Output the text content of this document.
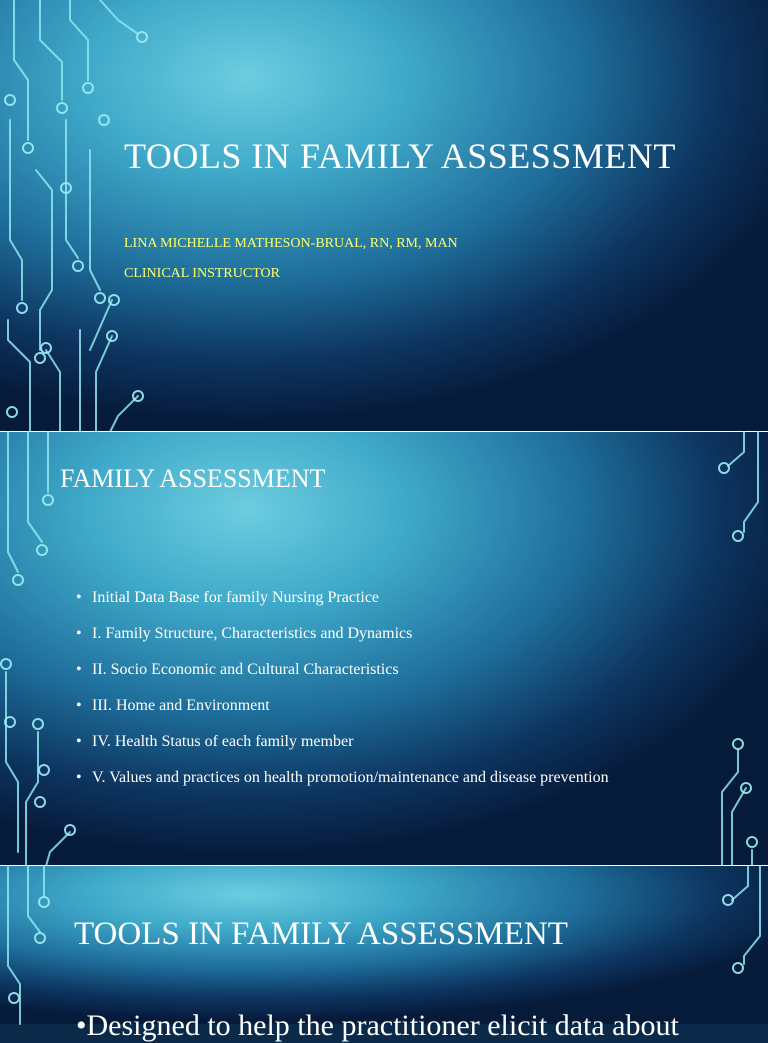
TOOLS IN FAMILY ASSESSMENT

LINA MICHELLE MATHESON-BRUAL, RN, RM, MAN

CLINICAL INSTRUCTOR

FAMILY ASSESSMENT
• Initial Data Base for family Nursing Practice
• I. Family Structure, Characteristics and Dynamics
• II. Socio Economic and Cultural Characteristics
• III. Home and Environment
• IV. Health Status of each family member
• V. Values and practices on health promotion/maintenance and disease prevention
TOOLS IN FAMILY ASSESSMENT

•Designed to help the practitioner elicit data about
